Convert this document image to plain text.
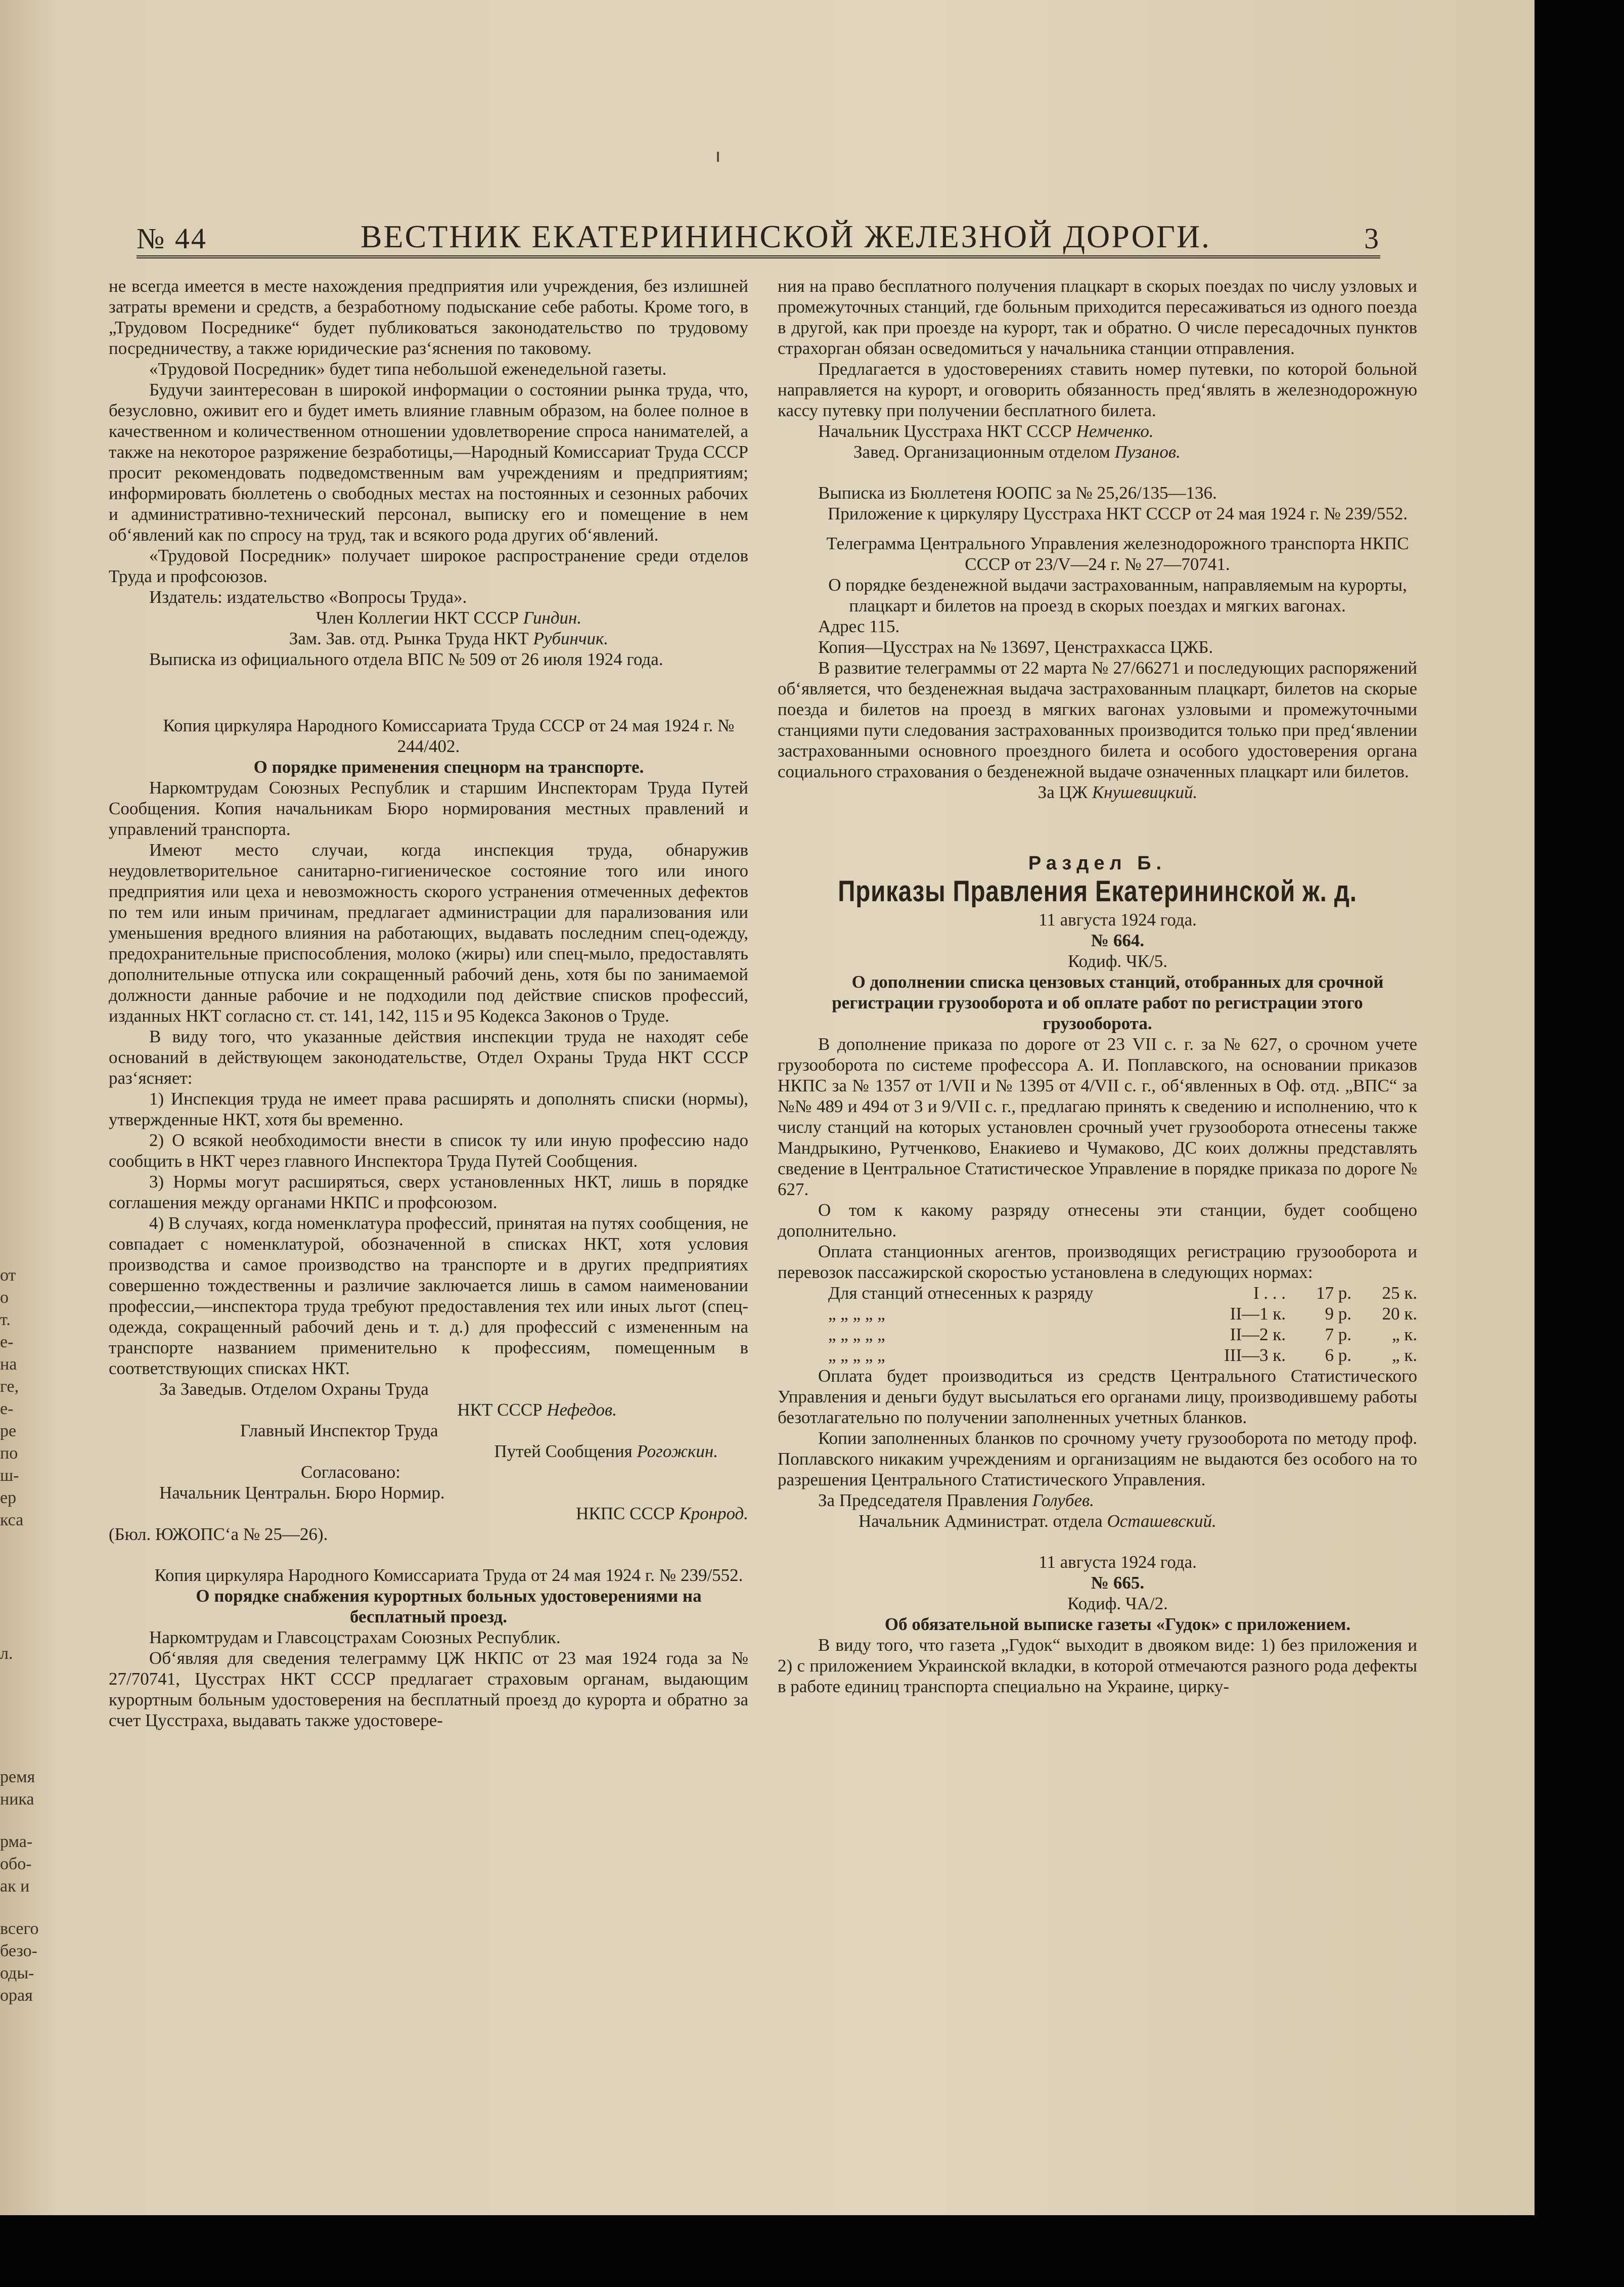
от
о
т.
е-
на
ге,
е-
ре
по
ш-
ер
кса
л.
ремя
ника
рма-
обо-
ак и
всего
безо-
оды-
орая
№ 44	ВЕСТНИК ЕКАТЕРИНИНСКОЙ ЖЕЛЕЗНОЙ ДОРОГИ.	3

не всегда имеется в месте нахождения предприятия или учреждения, без излишней затраты времени и средств, а безработному подыскание себе работы. Кроме того, в „Трудовом Посреднике“ будет публиковаться законодательство по трудовому посредничеству, а также юридические раз‘яснения по таковому.

«Трудовой Посредник» будет типа небольшой еженедельной газеты.

Будучи заинтересован в широкой информации о состоянии рынка труда, что, безусловно, оживит его и будет иметь влияние главным образом, на более полное в качественном и количественном отношении удовлетворение спроса нанимателей, а также на некоторое разряжение безработицы,—Народный Комиссариат Труда СССР просит рекомендовать подведомственным вам учреждениям и предприятиям; информировать бюллетень о свободных местах на постоянных и сезонных рабочих и административно-технический персонал, выписку его и помещение в нем об‘явлений как по спросу на труд, так и всякого рода других об‘явлений.

«Трудовой Посредник» получает широкое распространение среди отделов Труда и профсоюзов.

Издатель: издательство «Вопросы Труда».

Член Коллегии НКТ СССР Гиндин.

Зам. Зав. отд. Рынка Труда НКТ Рубинчик.

Выписка из официального отдела ВПС № 509 от 26 июля 1924 года.

Копия циркуляра Народного Комиссариата Труда СССР от 24 мая 1924 г. № 244/402.

О порядке применения спецнорм на транспорте.

Наркомтрудам Союзных Республик и старшим Инспекторам Труда Путей Сообщения. Копия начальникам Бюро нормирования местных правлений и управлений транспорта.

Имеют место случаи, когда инспекция труда, обнаружив неудовлетворительное санитарно-гигиеническое состояние того или иного предприятия или цеха и невозможность скорого устранения отмеченных дефектов по тем или иным причинам, предлагает администрации для парализования или уменьшения вредного влияния на работающих, выдавать последним спец-одежду, предохранительные приспособления, молоко (жиры) или спец-мыло, предоставлять дополнительные отпуска или сокращенный рабочий день, хотя бы по занимаемой должности данные рабочие и не подходили под действие списков профессий, изданных НКТ согласно ст. ст. 141, 142, 115 и 95 Кодекса Законов о Труде.

В виду того, что указанные действия инспекции труда не находят себе оснований в действующем законодательстве, Отдел Охраны Труда НКТ СССР раз‘ясняет:

1) Инспекция труда не имеет права расширять и дополнять списки (нормы), утвержденные НКТ, хотя бы временно.

2) О всякой необходимости внести в список ту или иную профессию надо сообщить в НКТ через главного Инспектора Труда Путей Сообщения.

3) Нормы могут расширяться, сверх установленных НКТ, лишь в порядке соглашения между органами НКПС и профсоюзом.

4) В случаях, когда номенклатура профессий, принятая на путях сообщения, не совпадает с номенклатурой, обозначенной в списках НКТ, хотя условия производства и самое производство на транспорте и в других предприятиях совершенно тождественны и различие заключается лишь в самом наименовании профессии,—инспектора труда требуют предоставления тех или иных льгот (спец-одежда, сокращенный рабочий день и т. д.) для профессий с измененным на транспорте названием применительно к профессиям, помещенным в соответствующих списках НКТ.

За Заведыв. Отделом Охраны Труда

НКТ СССР Нефедов.

Главный Инспектор Труда

Путей Сообщения Рогожкин.

Согласовано:

Начальник Центральн. Бюро Нормир.

НКПС СССР Кронрод.

(Бюл. ЮЖОПС‘а № 25—26).

Копия циркуляра Народного Комиссариата Труда от 24 мая 1924 г. № 239/552.

О порядке снабжения курортных больных удостоверениями на бесплатный проезд.

Наркомтрудам и Главсоцстрахам Союзных Республик.

Об‘являя для сведения телеграмму ЦЖ НКПС от 23 мая 1924 года за № 27/70741, Цусстрах НКТ СССР предлагает страховым органам, выдающим курортным больным удостоверения на бесплатный проезд до курорта и обратно за счет Цусстраха, выдавать также удостовере-

ния на право бесплатного получения плацкарт в скорых поездах по числу узловых и промежуточных станций, где больным приходится пересаживаться из одного поезда в другой, как при проезде на курорт, так и обратно. О числе пересадочных пунктов страхорган обязан осведомиться у начальника станции отправления.

Предлагается в удостоверениях ставить номер путевки, по которой больной направляется на курорт, и оговорить обязанность пред‘являть в железнодорожную кассу путевку при получении бесплатного билета.

Начальник Цусстраха НКТ СССР Немченко.

Завед. Организационным отделом Пузанов.

Выписка из Бюллетеня ЮОПС за № 25,26/135—136.

Приложение к циркуляру Цусстраха НКТ СССР от 24 мая 1924 г. № 239/552.

Телеграмма Центрального Управления железнодорожного транспорта НКПС СССР от 23/V—24 г. № 27—70741.

О порядке безденежной выдачи застрахованным, направляемым на курорты, плацкарт и билетов на проезд в скорых поездах и мягких вагонах.

Адрес 115.

Копия—Цусстрах на № 13697, Ценстрахкасса ЦЖБ.

В развитие телеграммы от 22 марта № 27/66271 и последующих распоряжений об‘является, что безденежная выдача застрахованным плацкарт, билетов на скорые поезда и билетов на проезд в мягких вагонах узловыми и промежуточными станциями пути следования застрахованных производится только при пред‘явлении застрахованными основного проездного билета и особого удостоверения органа социального страхования о безденежной выдаче означенных плацкарт или билетов.

За ЦЖ Кнушевицкий.

Раздел Б.
Приказы Правления Екатерининской ж. д.

11 августа 1924 года.

№ 664.

Кодиф. ЧК/5.

О дополнении списка цензовых станций, отобранных для срочной регистрации грузооборота и об оплате работ по регистрации этого грузооборота.

В дополнение приказа по дороге от 23 VII с. г. за № 627, о срочном учете грузооборота по системе профессора А. И. Поплавского, на основании приказов НКПС за № 1357 от 1/VII и № 1395 от 4/VII с. г., об‘явленных в Оф. отд. „ВПС“ за №№ 489 и 494 от 3 и 9/VII с. г., предлагаю принять к сведению и исполнению, что к числу станций на которых установлен срочный учет грузооборота отнесены также Мандрыкино, Рутченково, Енакиево и Чумаково, ДС коих должны представлять сведение в Центральное Статистическое Управление в порядке приказа по дороге № 627.

О том к какому разряду отнесены эти станции, будет сообщено дополнительно.

Оплата станционных агентов, производящих регистрацию грузооборота и перевозок пассажирской скоростью установлена в следующих нормах:

Для станций отнесенных к разряду	I . . .	17 р.	25 к.
„ „ „ „ „	II—1 к.	9 р.	20 к.
„ „ „ „ „	II—2 к.	7 р.	„ к.
„ „ „ „ „	III—3 к.	6 р.	„ к.

Оплата будет производиться из средств Центрального Статистического Управления и деньги будут высылаться его органами лицу, производившему работы безотлагательно по получении заполненных учетных бланков.

Копии заполненных бланков по срочному учету грузооборота по методу проф. Поплавского никаким учреждениям и организациям не выдаются без особого на то разрешения Центрального Статистического Управления.

За Председателя Правления Голубев.

Начальник Администрат. отдела Осташевский.

11 августа 1924 года.

№ 665.

Кодиф. ЧА/2.

Об обязательной выписке газеты «Гудок» с приложением.

В виду того, что газета „Гудок“ выходит в двояком виде: 1) без приложения и 2) с приложением Украинской вкладки, в которой отмечаются разного рода дефекты в работе единиц транспорта специально на Украине, цирку-
